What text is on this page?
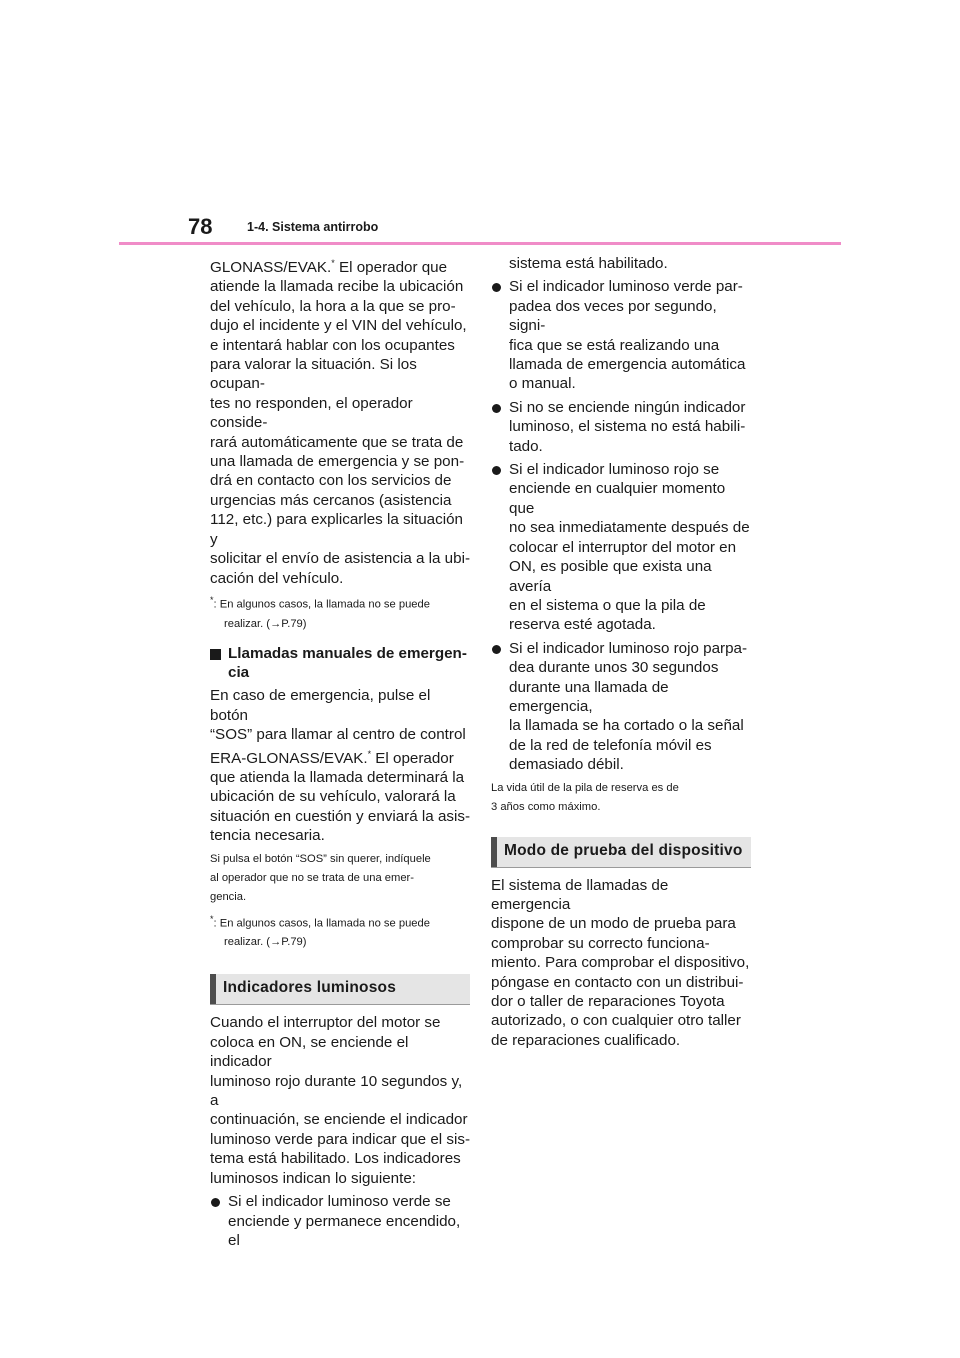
78	1-4. Sistema antirrobo

GLONASS/EVAK.* El operador que
atiende la llamada recibe la ubicación
del vehículo, la hora a la que se pro-
dujo el incidente y el VIN del vehículo,
e intentará hablar con los ocupantes
para valorar la situación. Si los ocupan-
tes no responden, el operador conside-
rará automáticamente que se trata de
una llamada de emergencia y se pon-
drá en contacto con los servicios de
urgencias más cercanos (asistencia
112, etc.) para explicarles la situación y
solicitar el envío de asistencia a la ubi-
cación del vehículo.

*: En algunos casos, la llamada no se puede
realizar. (→P.79)

Llamadas manuales de emergen-
cia

En caso de emergencia, pulse el botón
“SOS” para llamar al centro de control
ERA-GLONASS/EVAK.* El operador
que atienda la llamada determinará la
ubicación de su vehículo, valorará la
situación en cuestión y enviará la asis-
tencia necesaria.

Si pulsa el botón “SOS” sin querer, indíquele
al operador que no se trata de una emer-
gencia.

*: En algunos casos, la llamada no se puede
realizar. (→P.79)

Indicadores luminosos

Cuando el interruptor del motor se
coloca en ON, se enciende el indicador
luminoso rojo durante 10 segundos y, a
continuación, se enciende el indicador
luminoso verde para indicar que el sis-
tema está habilitado. Los indicadores
luminosos indican lo siguiente:

Si el indicador luminoso verde se
enciende y permanece encendido, el
sistema está habilitado.
Si el indicador luminoso verde par-
padea dos veces por segundo, signi-
fica que se está realizando una
llamada de emergencia automática
o manual.
Si no se enciende ningún indicador
luminoso, el sistema no está habili-
tado.
Si el indicador luminoso rojo se
enciende en cualquier momento que
no sea inmediatamente después de
colocar el interruptor del motor en
ON, es posible que exista una avería
en el sistema o que la pila de
reserva esté agotada.
Si el indicador luminoso rojo parpa-
dea durante unos 30 segundos
durante una llamada de emergencia,
la llamada se ha cortado o la señal
de la red de telefonía móvil es
demasiado débil.

La vida útil de la pila de reserva es de
3 años como máximo.

Modo de prueba del dispositivo

El sistema de llamadas de emergencia
dispone de un modo de prueba para
comprobar su correcto funciona-
miento. Para comprobar el dispositivo,
póngase en contacto con un distribui-
dor o taller de reparaciones Toyota
autorizado, o con cualquier otro taller
de reparaciones cualificado.
